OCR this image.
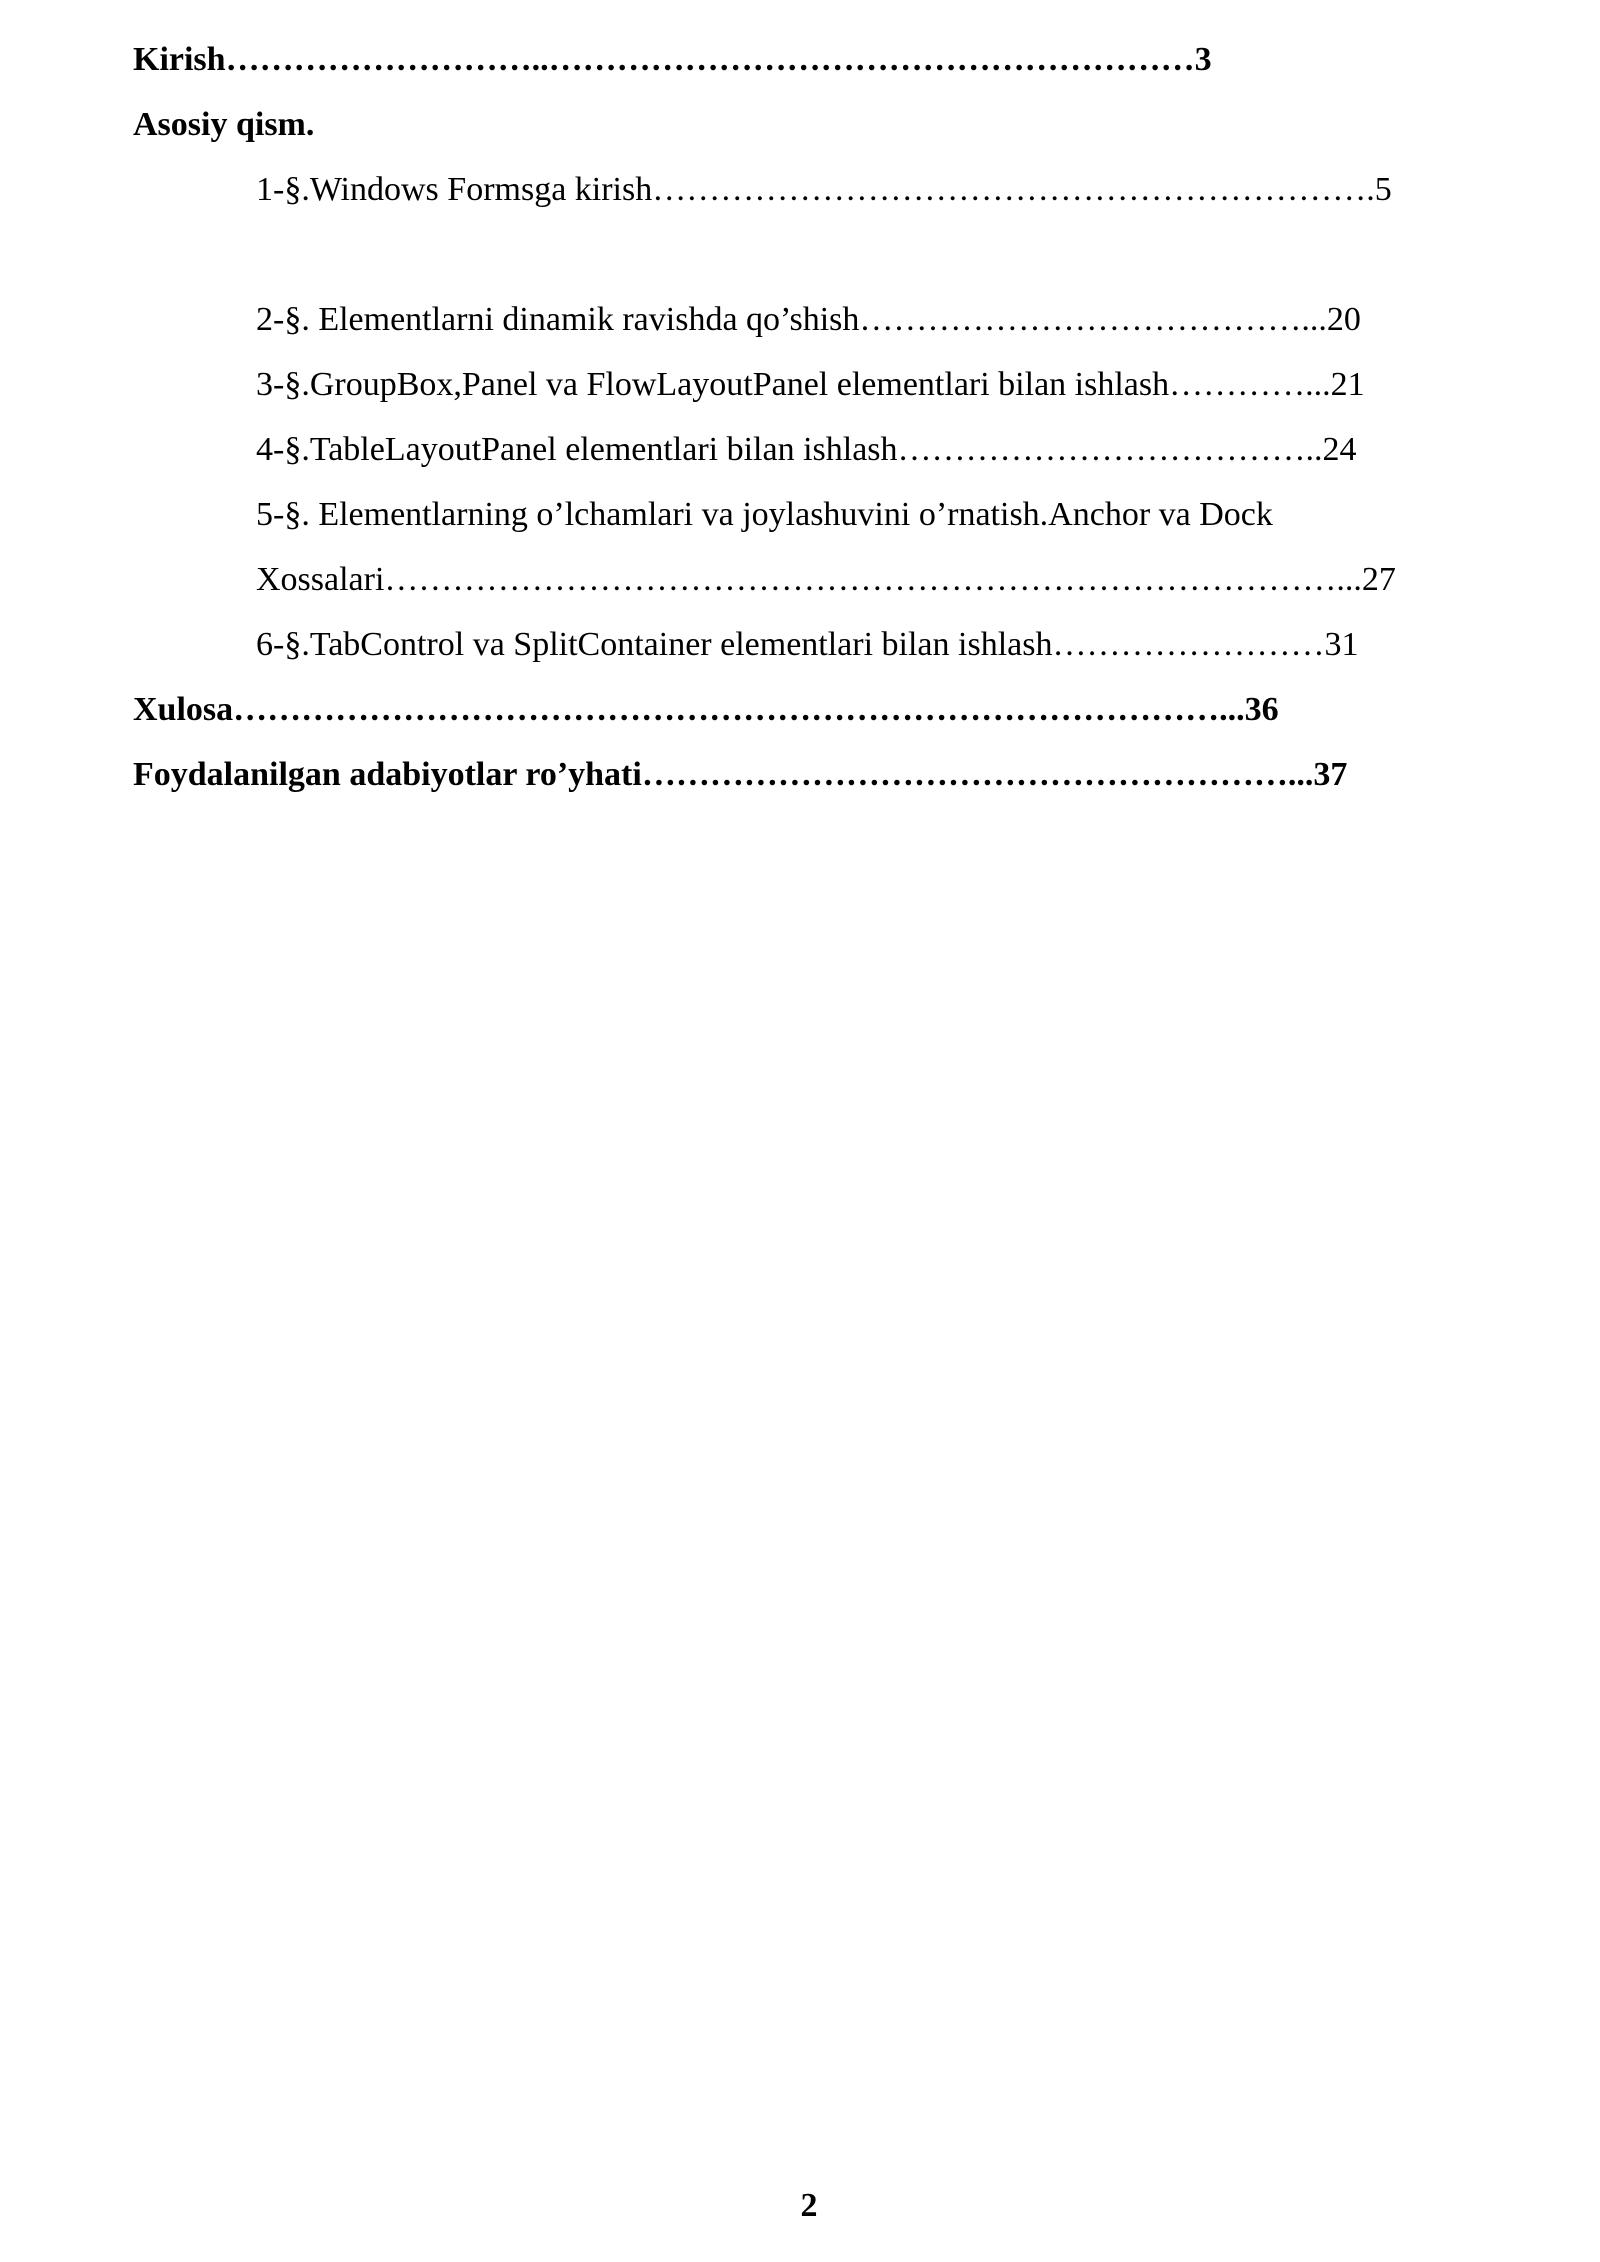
Kirish………………………..…………………………………………………3
Asosiy qism.
1-§.Windows Formsga kirish……………………………………………………….5
2-§. Elementlarni dinamik ravishda qo’shish…………………………………...20
3-§.GroupBox,Panel va FlowLayoutPanel elementlari bilan ishlash…………...21
4-§.TableLayoutPanel elementlari bilan ishlash………………………………..24
5-§. Elementlarning o’lchamlari va joylashuvini o’rnatish.Anchor va Dock
Xossalari…………………………………………………………………………...27
6-§.TabControl va SplitContainer elementlari bilan ishlash……………………31
Xulosa……………………………………………………………………………...36
Foydalanilgan adabiyotlar ro’yhati…………………………………………………...37
2
